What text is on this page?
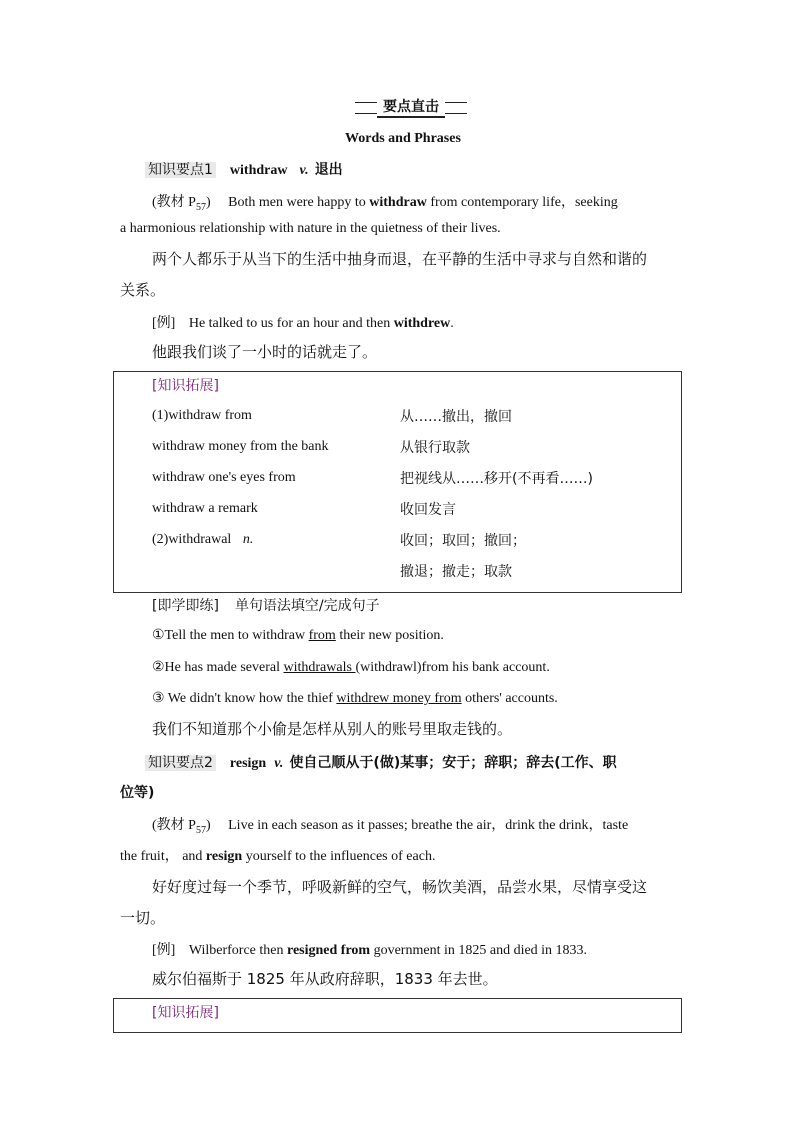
要点直击
Words and Phrases
知识要点1 withdraw v. 退出
(教材 $P_{57}$) Both men were happy to withdraw from contemporary life，seeking
a harmonious relationship with nature in the quietness of their lives.
两个人都乐于从当下的生活中抽身而退，在平静的生活中寻求与自然和谐的
关系。
[例] He talked to us for an hour and then withdrew.
他跟我们谈了一小时的话就走了。
[知识拓展]
(1)withdraw from	从……撤出，撤回
withdraw money from the bank	从银行取款
withdraw one's eyes from	把视线从……移开(不再看……)
withdraw a remark	收回发言
(2)withdrawal n.	收回；取回；撤回；
撤退；撤走；取款
[即学即练] 单句语法填空/完成句子
①Tell the men to withdraw from their new position.
②He has made several withdrawals (withdrawl)from his bank account.
③ We didn't know how the thief withdrew money from others' accounts.
我们不知道那个小偷是怎样从别人的账号里取走钱的。
知识要点2 resign v. 使自己顺从于(做)某事；安于；辞职；辞去(工作、职
位等)
(教材 $P_{57}$) Live in each season as it passes; breathe the air，drink the drink，taste
the fruit， and resign yourself to the influences of each.
好好度过每一个季节，呼吸新鲜的空气，畅饮美酒，品尝水果，尽情享受这
一切。
[例] Wilberforce then resigned from government in 1825 and died in 1833.
威尔伯福斯于 1825 年从政府辞职，1833 年去世。
[知识拓展]
